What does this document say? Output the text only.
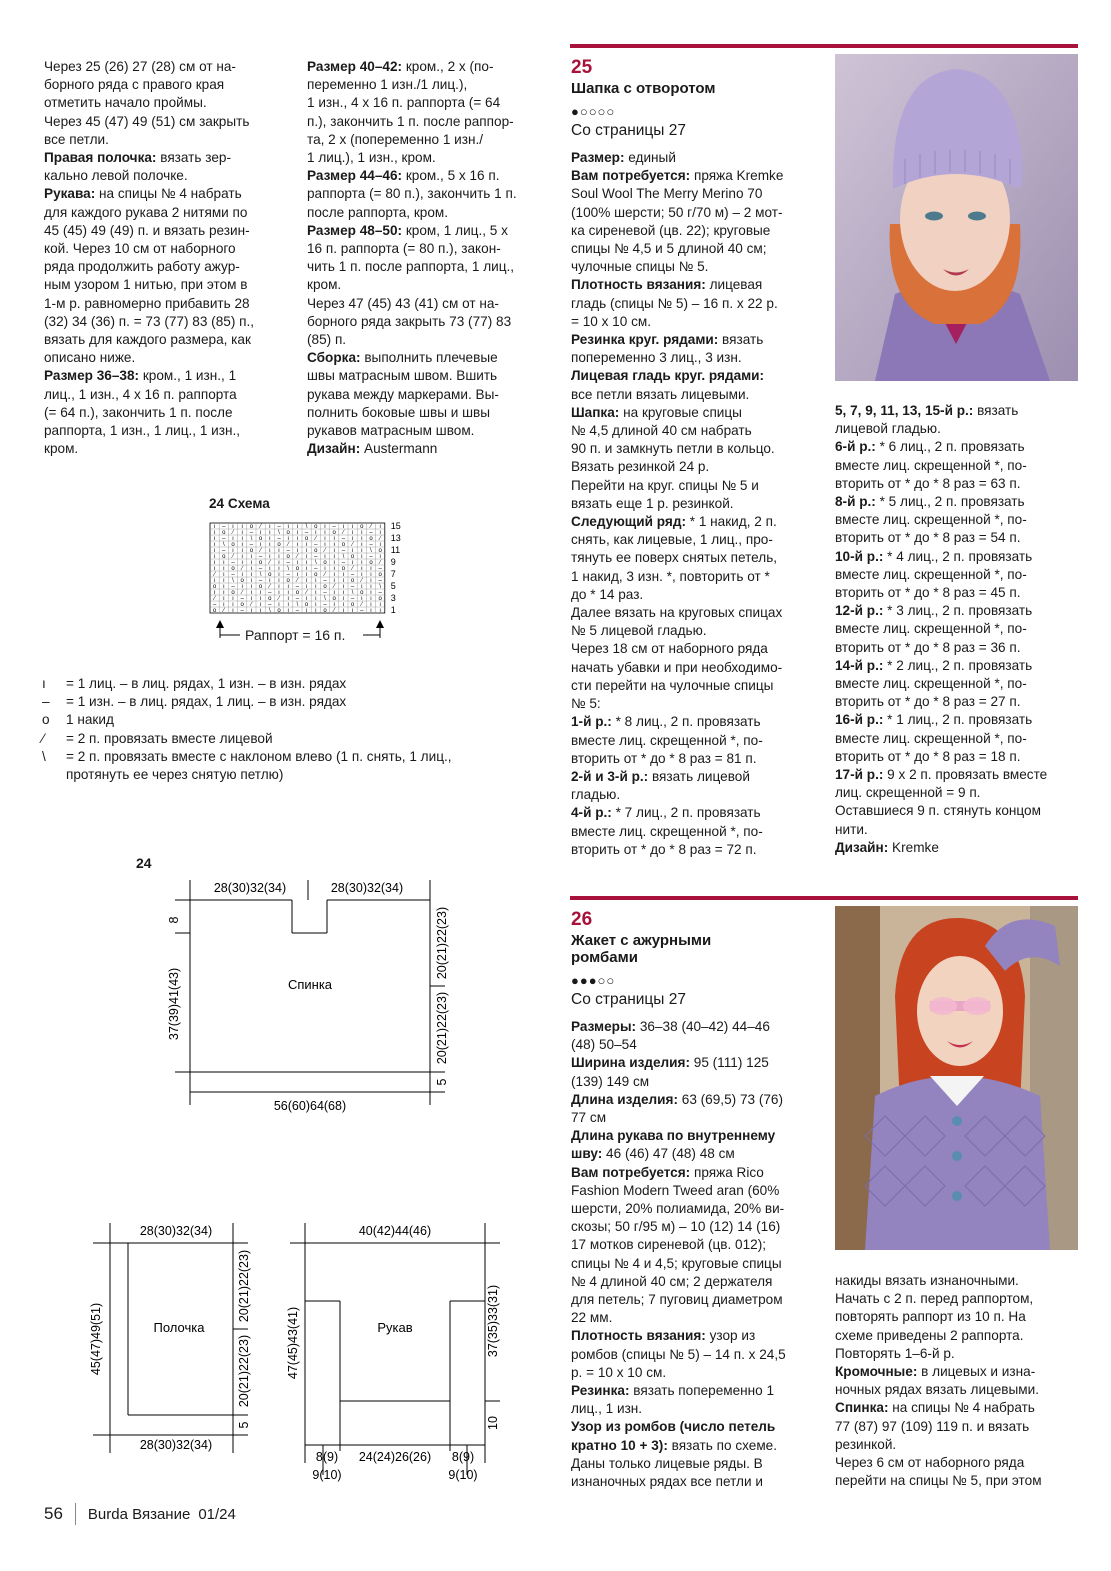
Через 25 (26) 27 (28) см от на-
борного ряда с правого края
отметить начало проймы.
Через 45 (47) 49 (51) см закрыть
все петли.

Правая полочка: вязать зер-
кально левой полочке.

Рукава: на спицы № 4 набрать
для каждого рукава 2 нитями по
45 (45) 49 (49) п. и вязать резин-
кой. Через 10 см от наборного
ряда продолжить работу ажур-
ным узором 1 нитью, при этом в
1-м р. равномерно прибавить 28
(32) 34 (36) п. = 73 (77) 83 (85) п.,
вязать для каждого размера, как
описано ниже.

Размер 36–38: кром., 1 изн., 1
лиц., 1 изн., 4 х 16 п. раппорта
(= 64 п.), закончить 1 п. после
раппорта, 1 изн., 1 лиц., 1 изн.,
кром.

Размер 40–42: кром., 2 х (по-
переменно 1 изн./1 лиц.),
1 изн., 4 х 16 п. раппорта (= 64
п.), закончить 1 п. после раппор-
та, 2 х (попеременно 1 изн./
1 лиц.), 1 изн., кром.

Размер 44–46: кром., 5 х 16 п.
раппорта (= 80 п.), закончить 1 п.
после раппорта, кром.

Размер 48–50: кром, 1 лиц., 5 х
16 п. раппорта (= 80 п.), закон-
чить 1 п. после раппорта, 1 лиц.,
кром.
Через 47 (45) 43 (41) см от на-
борного ряда закрыть 73 (77) 83
(85) п.

Сборка: выполнить плечевые
швы матрасным швом. Вшить
рукава между маркерами. Вы-
полнить боковые швы и швы
рукавов матрасным швом.

Дизайн: Austermann

24 Схема
ı – ı ı o	⁄ ı – ı ı \ o ı – ı ı o	⁄ ı
ı o	⁄ ı – ı ı \ o ı – ı ı o	⁄ ı ı – ı
ı – ı ı \ o ı – ı ı o	⁄ ı ı – ı ı o	⁄
ı \ o ı – ı ı o	⁄ ı ı – ı ı o	⁄ ı – ı
ı – ı ı o	⁄ ı ı – ı ı o	⁄ ı – ı ı \ o
ı o	⁄ ı ı – ı ı o	⁄ ı – ı ı \ o ı – ı
ı ı – ı ı o	⁄ ı – ı ı \ o ı – ı ı o	⁄
ı ı o	⁄ ı – ı ı \ o ı – ı ı o	⁄ ı ı –
⁄ ı – ı ı \ o ı – ı ı o	⁄ ı ı – ı ı o
ı ı \ o ı – ı ı o	⁄ ı ı – ı ı o	⁄ ı –
o ı – ı ı o	⁄ ı ı – ı ı o	⁄ ı – ı ı \
ı ı o	⁄ ı ı – ı ı o	⁄ ı – ı ı \ o ı –
⁄ ı ı – ı ı o	⁄ ı – ı ı \ o ı – ı ı o
– ı ı o	⁄ ı – ı ı \ o ı – ı ı o	⁄ ı ı
o	⁄ ı – ı ı \ o ı – ı ı o	⁄ ı ı – ı ı
15
13
11
9
7
5
3
1
Раппорт = 16 п.
ı	= 1 лиц. – в лиц. рядах, 1 изн. – в изн. рядах
–	= 1 изн. – в лиц. рядах, 1 лиц. – в изн. рядах
o	1 накид
⁄	= 2 п. провязать вместе лицевой
\	= 2 п. провязать вместе с наклоном влево (1 п. снять, 1 лиц.,
протянуть ее через снятую петлю)
24
28(30)32(34)	28(30)32(34)
8
37(39)41(43)
20(21)22(23)
20(21)22(23)
5
Спинка
56(60)64(68)
28(30)32(34)
45(47)49(51)
20(21)22(23)
20(21)22(23)
5
Полочка
28(30)32(34)
40(42)44(46)
47(45)43(41)	37(35)33(31)
10
Рукав
8(9) 24(24)26(26) 8(9)
9(10)	9(10)
25
Шапка с отворотом
●○○○○
Со страницы 27

Размер: единый

Вам потребуется: пряжа Kremke
Soul Wool The Merry Merino 70
(100% шерсти; 50 г/70 м) – 2 мот-
ка сиреневой (цв. 22); круговые
спицы № 4,5 и 5 длиной 40 см;
чулочные спицы № 5.

Плотность вязания: лицевая
гладь (спицы № 5) – 16 п. х 22 р.
= 10 х 10 см.

Резинка круг. рядами: вязать
попеременно 3 лиц., 3 изн.

Лицевая гладь круг. рядами:
все петли вязать лицевыми.

Шапка: на круговые спицы
№ 4,5 длиной 40 см набрать
90 п. и замкнуть петли в кольцо.
Вязать резинкой 24 р.
Перейти на круг. спицы № 5 и
вязать еще 1 р. резинкой.

Следующий ряд: * 1 накид, 2 п.
снять, как лицевые, 1 лиц., про-
тянуть ее поверх снятых петель,
1 накид, 3 изн. *, повторить от *
до * 14 раз.
Далее вязать на круговых спицах
№ 5 лицевой гладью.
Через 18 см от наборного ряда
начать убавки и при необходимо-
сти перейти на чулочные спицы
№ 5:

1-й р.: * 8 лиц., 2 п. провязать
вместе лиц. скрещенной *, по-
вторить от * до * 8 раз = 81 п.

2-й и 3-й р.: вязать лицевой
гладью.

4-й р.: * 7 лиц., 2 п. провязать
вместе лиц. скрещенной *, по-
вторить от * до * 8 раз = 72 п.

5, 7, 9, 11, 13, 15-й р.: вязать
лицевой гладью.

6-й р.: * 6 лиц., 2 п. провязать
вместе лиц. скрещенной *, по-
вторить от * до * 8 раз = 63 п.

8-й р.: * 5 лиц., 2 п. провязать
вместе лиц. скрещенной *, по-
вторить от * до * 8 раз = 54 п.

10-й р.: * 4 лиц., 2 п. провязать
вместе лиц. скрещенной *, по-
вторить от * до * 8 раз = 45 п.

12-й р.: * 3 лиц., 2 п. провязать
вместе лиц. скрещенной *, по-
вторить от * до * 8 раз = 36 п.

14-й р.: * 2 лиц., 2 п. провязать
вместе лиц. скрещенной *, по-
вторить от * до * 8 раз = 27 п.

16-й р.: * 1 лиц., 2 п. провязать
вместе лиц. скрещенной *, по-
вторить от * до * 8 раз = 18 п.

17-й р.: 9 х 2 п. провязать вместе
лиц. скрещенной = 9 п.
Оставшиеся 9 п. стянуть концом
нити.

Дизайн: Kremke

26
Жакет с ажурными
ромбами
●●●○○
Со страницы 27

Размеры: 36–38 (40–42) 44–46
(48) 50–54

Ширина изделия: 95 (111) 125
(139) 149 см

Длина изделия: 63 (69,5) 73 (76)
77 см

Длина рукава по внутреннему
шву: 46 (46) 47 (48) 48 см

Вам потребуется: пряжа Rico
Fashion Modern Tweed aran (60%
шерсти, 20% полиамида, 20% ви-
скозы; 50 г/95 м) – 10 (12) 14 (16)
17 мотков сиреневой (цв. 012);
спицы № 4 и 4,5; круговые спицы
№ 4 длиной 40 см; 2 держателя
для петель; 7 пуговиц диаметром
22 мм.

Плотность вязания: узор из
ромбов (спицы № 5) – 14 п. х 24,5
р. = 10 х 10 см.

Резинка: вязать попеременно 1
лиц., 1 изн.

Узор из ромбов (число петель
кратно 10 + 3): вязать по схеме.
Даны только лицевые ряды. В
изнаночных рядах все петли и

накиды вязать изнаночными.
Начать с 2 п. перед раппортом,
повторять раппорт из 10 п. На
схеме приведены 2 раппорта.
Повторять 1–6-й р.

Кромочные: в лицевых и изна-
ночных рядах вязать лицевыми.

Спинка: на спицы № 4 набрать
77 (87) 97 (109) 119 п. и вязать
резинкой.
Через 6 см от наборного ряда
перейти на спицы № 5, при этом

56 Burda Вязание 01/24
